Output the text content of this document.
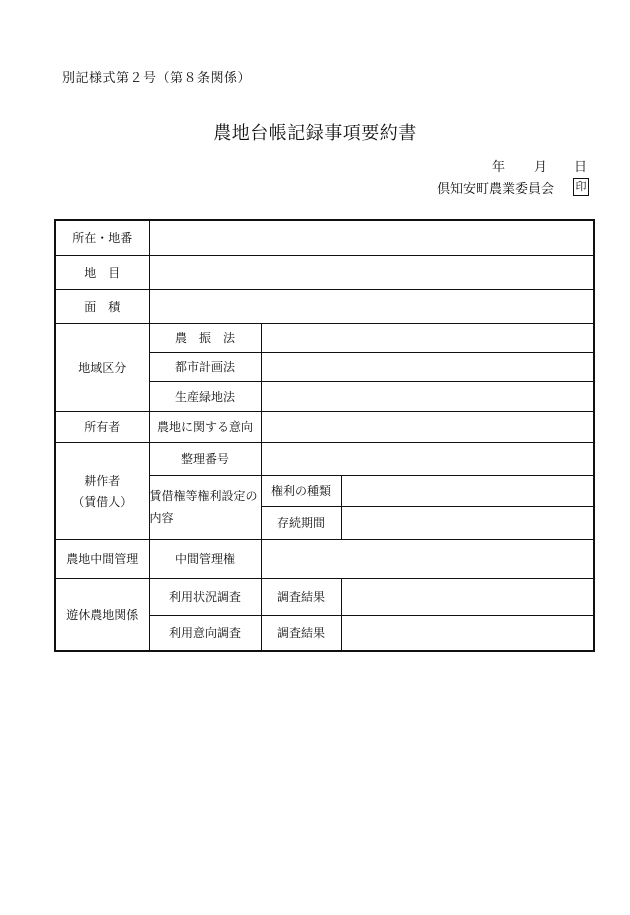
別記様式第２号（第８条関係）
農地台帳記録事項要約書
年 月 日
倶知安町農業委員会 印
所在・地番			
地　目			
面　積			
地域区分	農　振　法		
	都市計画法		
	生産緑地法		
所有者	農地に関する意向		

耕作者
（賃借人）	整理番号		
	賃借権等権利設定の内容	権利の種類	
		存続期間	
農地中間管理	中間管理権		
遊休農地関係	利用状況調査	調査結果	
	利用意向調査	調査結果	
